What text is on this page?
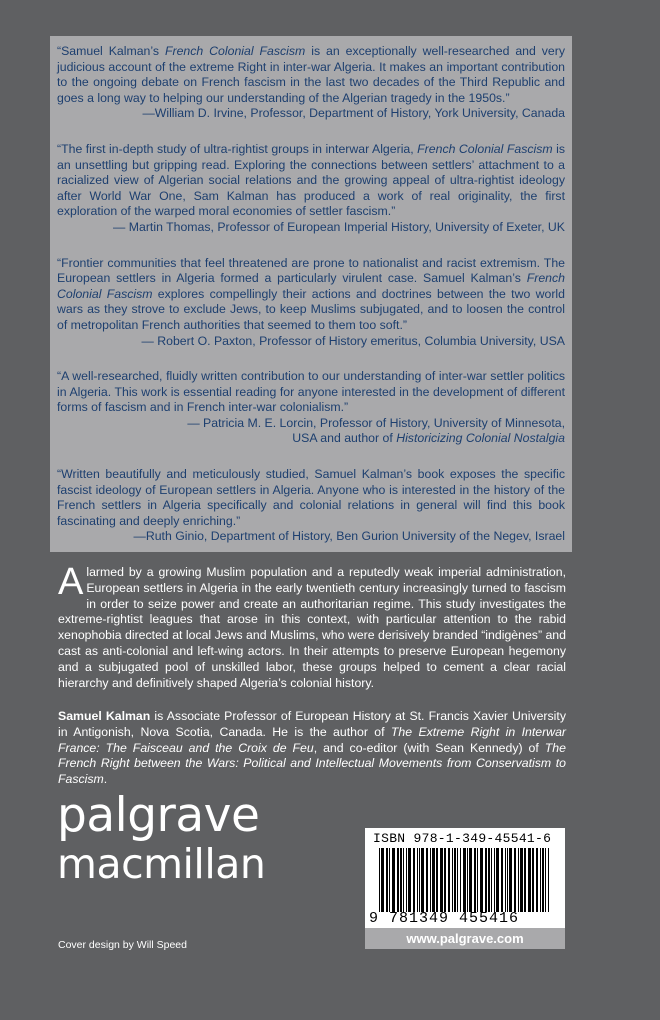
“Samuel Kalman’s French Colonial Fascism is an exceptionally well-researched and very judicious account of the extreme Right in inter-war Algeria. It makes an important contribution to the ongoing debate on French fascism in the last two decades of the Third Republic and goes a long way to helping our understanding of the Algerian tragedy in the 1950s.”

—William D. Irvine, Professor, Department of History, York University, Canada

“The first in-depth study of ultra-rightist groups in interwar Algeria, French Colonial Fascism is an unsettling but gripping read. Exploring the connections between settlers’ attachment to a racialized view of Algerian social relations and the growing appeal of ultra-rightist ideology after World War One, Sam Kalman has produced a work of real originality, the first exploration of the warped moral economies of settler fascism.”

— Martin Thomas, Professor of European Imperial History, University of Exeter, UK

“Frontier communities that feel threatened are prone to nationalist and racist extremism. The European settlers in Algeria formed a particularly virulent case. Samuel Kalman’s French Colonial Fascism explores compellingly their actions and doctrines between the two world wars as they strove to exclude Jews, to keep Muslims subjugated, and to loosen the control of metropolitan French authorities that seemed to them too soft.”

— Robert O. Paxton, Professor of History emeritus, Columbia University, USA

“A well-researched, fluidly written contribution to our understanding of inter-war settler politics in Algeria. This work is essential reading for anyone interested in the development of different forms of fascism and in French inter-war colonialism.”

— Patricia M. E. Lorcin, Professor of History, University of Minnesota,
USA and author of Historicizing Colonial Nostalgia

“Written beautifully and meticulously studied, Samuel Kalman’s book exposes the specific fascist ideology of European settlers in Algeria. Anyone who is interested in the history of the French settlers in Algeria specifically and colonial relations in general will find this book fascinating and deeply enriching.”

—Ruth Ginio, Department of History, Ben Gurion University of the Negev, Israel

Alarmed by a growing Muslim population and a reputedly weak imperial administration, European settlers in Algeria in the early twentieth century increasingly turned to fascism in order to seize power and create an authoritarian regime. This study investigates the extreme-rightist leagues that arose in this context, with particular attention to the rabid xenophobia directed at local Jews and Muslims, who were derisively branded “indigènes” and cast as anti-colonial and left-wing actors. In their attempts to preserve European hegemony and a subjugated pool of unskilled labor, these groups helped to cement a clear racial hierarchy and definitively shaped Algeria’s colonial history.

Samuel Kalman is Associate Professor of European History at St. Francis Xavier University in Antigonish, Nova Scotia, Canada. He is the author of The Extreme Right in Interwar France: The Faisceau and the Croix de Feu, and co-editor (with Sean Kennedy) of The French Right between the Wars: Political and Intellectual Movements from Conservatism to Fascism.

palgrave
macmillan
Cover design by Will Speed
ISBN 978-1-349-45541-6
9 781349 455416
www.palgrave.com
